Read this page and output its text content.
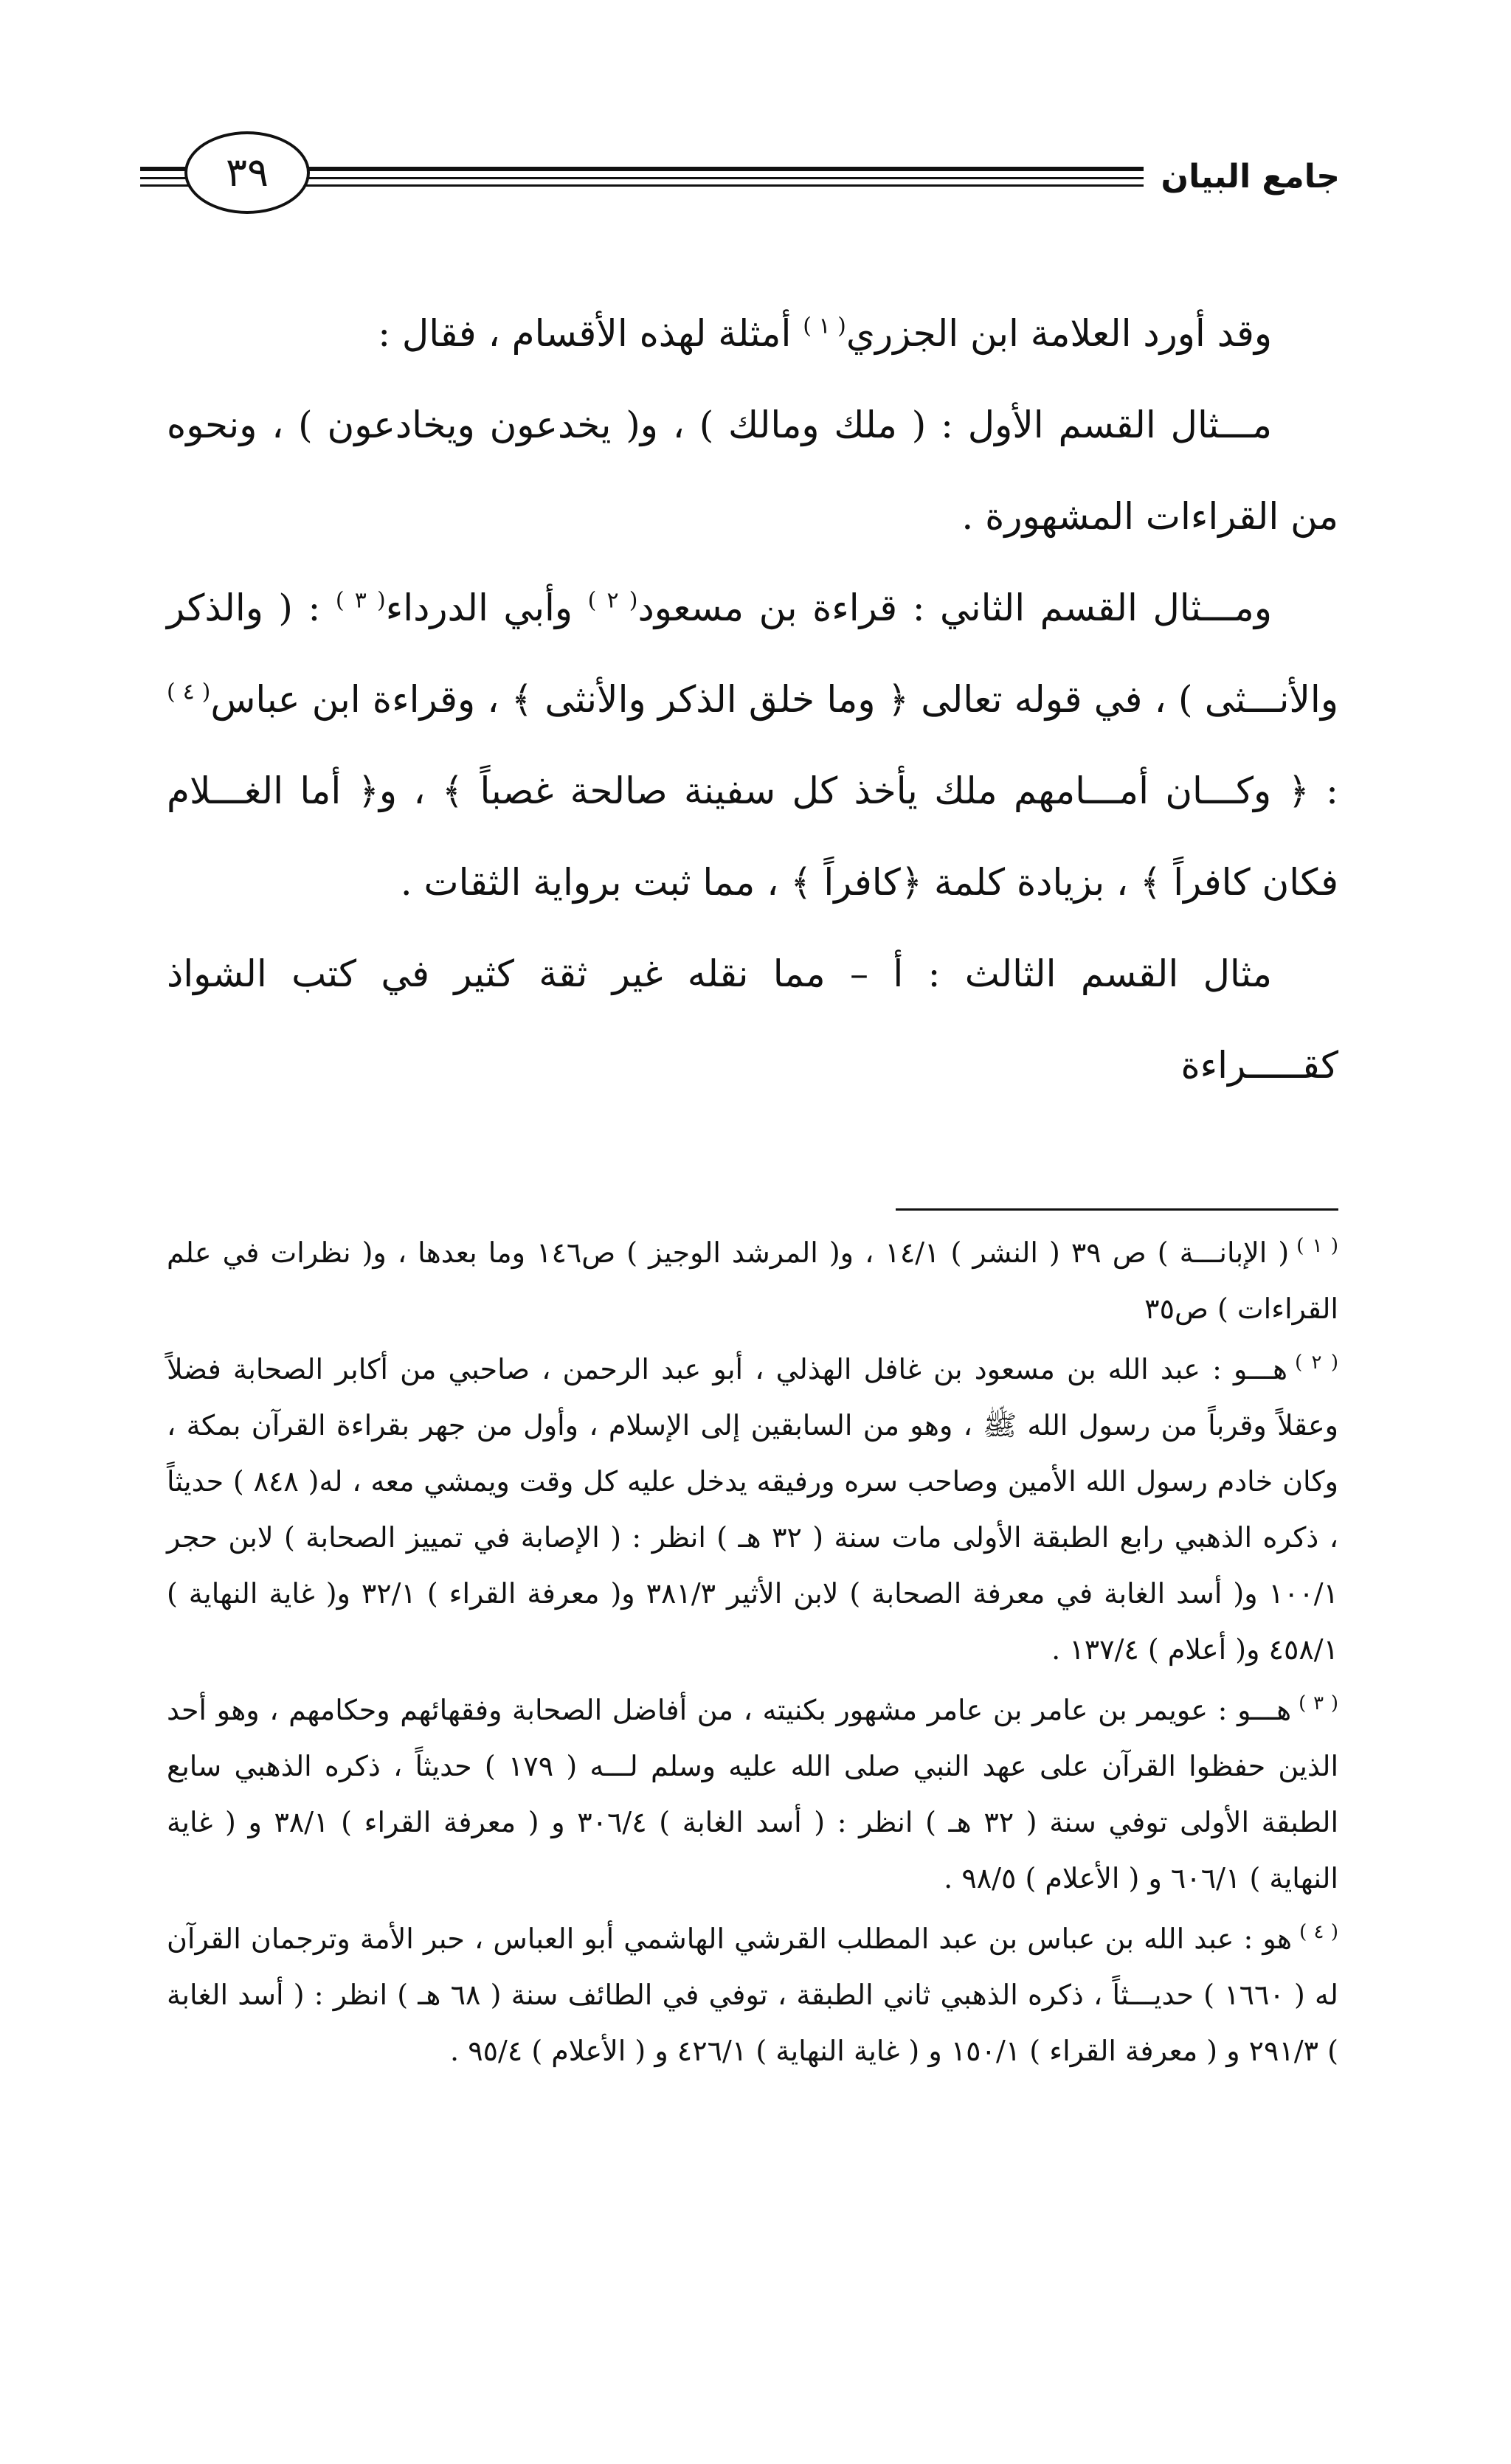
جامع البيان
٣٩

وقد أورد العلامة ابن الجزري$^{( ١ )}$ أمثلة لهذه الأقسام ، فقال :

مـــثال القسم الأول : ( ملك ومالك ) ، و( يخدعون ويخادعون ) ، ونحوه من القراءات المشهورة .

ومـــثال القسم الثاني : قراءة بن مسعود$^{( ٢ )}$ وأبي الدرداء$^{( ٣ )}$ : ( والذكر والأنـــثى ) ، في قوله تعالى ﴿ وما خلق الذكر والأنثى ﴾ ، وقراءة ابن عباس$^{( ٤ )}$ : ﴿ وكـــان أمـــامهم ملك يأخذ كل سفينة صالحة غصباً ﴾ ، و﴿ أما الغـــلام فكان كافراً ﴾ ، بزيادة كلمة ﴿كافراً ﴾ ، مما ثبت برواية الثقات .

مثال القسم الثالث : أ – مما نقله غير ثقة كثير في كتب الشواذ كقـــــراءة

$^{( ١ )}$( الإبانـــة ) ص ٣٩ ( النشر ) ١٤/١ ، و( المرشد الوجيز ) ص١٤٦ وما بعدها ، و( نظرات في علم القراءات ) ص٣٥

$^{( ٢ )}$هـــو : عبد الله بن مسعود بن غافل الهذلي ، أبو عبد الرحمن ، صاحبي من أكابر الصحابة فضلاً وعقلاً وقرباً من رسول الله ﷺ ، وهو من السابقين إلى الإسلام ، وأول من جهر بقراءة القرآن بمكة ، وكان خادم رسول الله الأمين وصاحب سره ورفيقه يدخل عليه كل وقت ويمشي معه ، له( ٨٤٨ ) حديثاً ، ذكره الذهبي رابع الطبقة الأولى مات سنة ( ٣٢ هـ ) انظر : ( الإصابة في تمييز الصحابة ) لابن حجر ١٠٠/١ و( أسد الغابة في معرفة الصحابة ) لابن الأثير ٣٨١/٣ و( معرفة القراء ) ٣٢/١ و( غاية النهاية ) ٤٥٨/١ و( أعلام ) ١٣٧/٤ .

$^{( ٣ )}$هـــو : عويمر بن عامر بن عامر مشهور بكنيته ، من أفاضل الصحابة وفقهائهم وحكامهم ، وهو أحد الذين حفظوا القرآن على عهد النبي صلى الله عليه وسلم لـــه ( ١٧٩ ) حديثاً ، ذكره الذهبي سابع الطبقة الأولى توفي سنة ( ٣٢ هـ ) انظر : ( أسد الغابة ) ٣٠٦/٤ و ( معرفة القراء ) ٣٨/١ و ( غاية النهاية ) ٦٠٦/١ و ( الأعلام ) ٩٨/٥ .

$^{( ٤ )}$هو : عبد الله بن عباس بن عبد المطلب القرشي الهاشمي أبو العباس ، حبر الأمة وترجمان القرآن له ( ١٦٦٠ ) حديـــثاً ، ذكره الذهبي ثاني الطبقة ، توفي في الطائف سنة ( ٦٨ هـ ) انظر : ( أسد الغابة ) ٢٩١/٣ و ( معرفة القراء ) ١٥٠/١ و ( غاية النهاية ) ٤٢٦/١ و ( الأعلام ) ٩٥/٤ .
